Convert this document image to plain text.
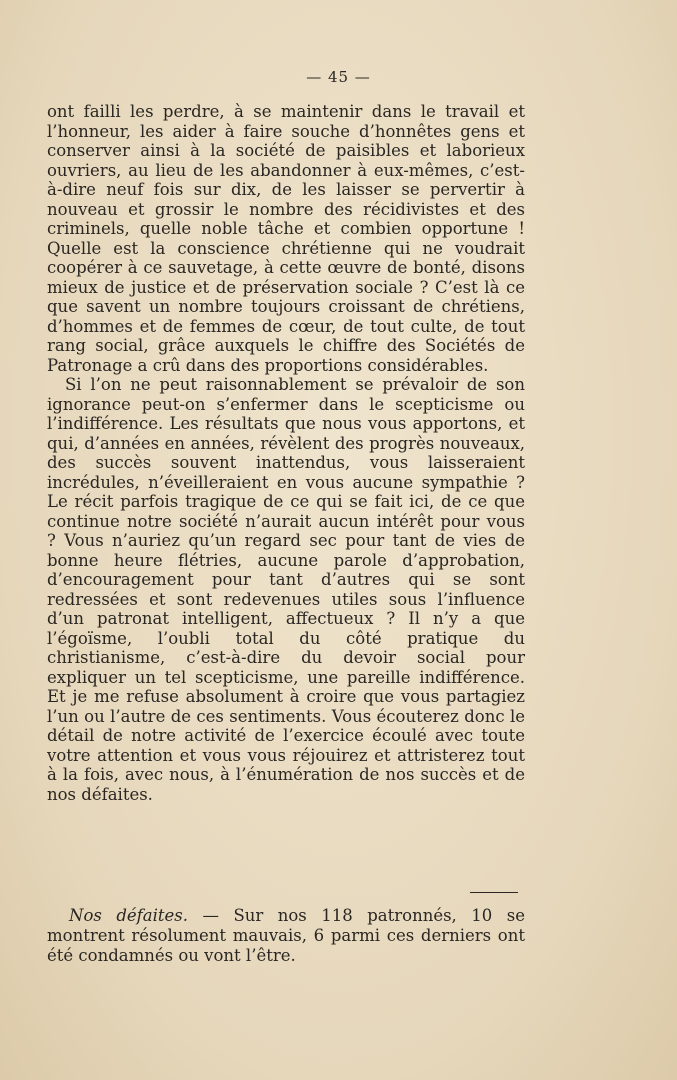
— 45 —

ont failli les perdre, à se maintenir dans le travail et l’honneur, les aider à faire souche d’honnêtes gens et conserver ainsi à la société de paisibles et laborieux ouvriers, au lieu de les abandonner à eux-mêmes, c’est-à-dire neuf fois sur dix, de les laisser se pervertir à nouveau et grossir le nombre des récidivistes et des criminels, quelle noble tâche et combien opportune ! Quelle est la conscience chrétienne qui ne voudrait coopérer à ce sauvetage, à cette œuvre de bonté, disons mieux de justice et de préservation sociale ? C’est là ce que savent un nombre toujours croissant de chrétiens, d’hommes et de femmes de cœur, de tout culte, de tout rang social, grâce auxquels le chiffre des Sociétés de Patronage a crû dans des proportions considérables.

Si l’on ne peut raisonnablement se prévaloir de son ignorance peut-on s’enfermer dans le scepticisme ou l’indifférence. Les résultats que nous vous apportons, et qui, d’années en années, révèlent des progrès nouveaux, des succès souvent inattendus, vous laisseraient incrédules, n’éveilleraient en vous aucune sympathie ? Le récit parfois tragique de ce qui se fait ici, de ce que continue notre société n’aurait aucun intérêt pour vous ? Vous n’auriez qu’un regard sec pour tant de vies de bonne heure flétries, aucune parole d’approbation, d’encouragement pour tant d’autres qui se sont redressées et sont redevenues utiles sous l’influence d’un patronat intelligent, affectueux ? Il n’y a que l’égoïsme, l’oubli total du côté pratique du christianisme, c’est-à-dire du devoir social pour expliquer un tel scepticisme, une pareille indifférence. Et je me refuse absolument à croire que vous partagiez l’un ou l’autre de ces sentiments. Vous écouterez donc le détail de notre activité de l’exercice écoulé avec toute votre attention et vous vous réjouirez et attristerez tout à la fois, avec nous, à l’énumération de nos succès et de nos défaites.

Nos défaites. — Sur nos 118 patronnés, 10 se montrent résolument mauvais, 6 parmi ces derniers ont été condamnés ou vont l’être.
